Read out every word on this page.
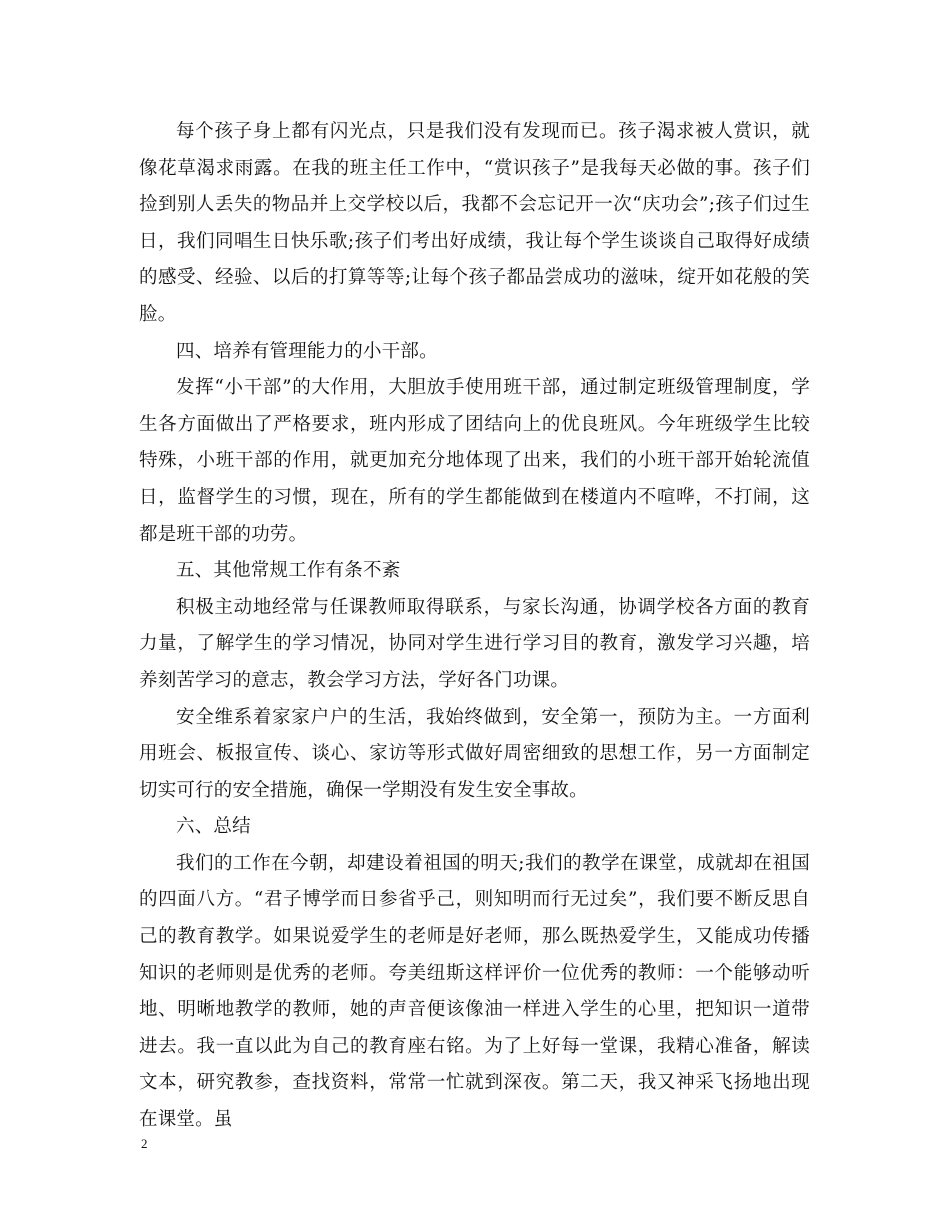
每个孩子身上都有闪光点，只是我们没有发现而已。孩子渴求被人赏识，就像花草渴求雨露。在我的班主任工作中，“赏识孩子”是我每天必做的事。孩子们捡到别人丢失的物品并上交学校以后，我都不会忘记开一次“庆功会”;孩子们过生日，我们同唱生日快乐歌;孩子们考出好成绩，我让每个学生谈谈自己取得好成绩的感受、经验、以后的打算等等;让每个孩子都品尝成功的滋味，绽开如花般的笑脸。

四、培养有管理能力的小干部。

发挥“小干部”的大作用，大胆放手使用班干部，通过制定班级管理制度，学生各方面做出了严格要求，班内形成了团结向上的优良班风。今年班级学生比较特殊，小班干部的作用，就更加充分地体现了出来，我们的小班干部开始轮流值日，监督学生的习惯，现在，所有的学生都能做到在楼道内不喧哗，不打闹，这都是班干部的功劳。

五、其他常规工作有条不紊

积极主动地经常与任课教师取得联系，与家长沟通，协调学校各方面的教育力量，了解学生的学习情况，协同对学生进行学习目的教育，激发学习兴趣，培养刻苦学习的意志，教会学习方法，学好各门功课。

安全维系着家家户户的生活，我始终做到，安全第一，预防为主。一方面利用班会、板报宣传、谈心、家访等形式做好周密细致的思想工作，另一方面制定切实可行的安全措施，确保一学期没有发生安全事故。

六、总结

我们的工作在今朝，却建设着祖国的明天;我们的教学在课堂，成就却在祖国的四面八方。“君子博学而日参省乎己，则知明而行无过矣”，我们要不断反思自己的教育教学。如果说爱学生的老师是好老师，那么既热爱学生，又能成功传播知识的老师则是优秀的老师。夸美纽斯这样评价一位优秀的教师：一个能够动听地、明晰地教学的教师，她的声音便该像油一样进入学生的心里，把知识一道带进去。我一直以此为自己的教育座右铭。为了上好每一堂课，我精心准备，解读文本，研究教参，查找资料，常常一忙就到深夜。第二天，我又神采飞扬地出现在课堂。虽

2
